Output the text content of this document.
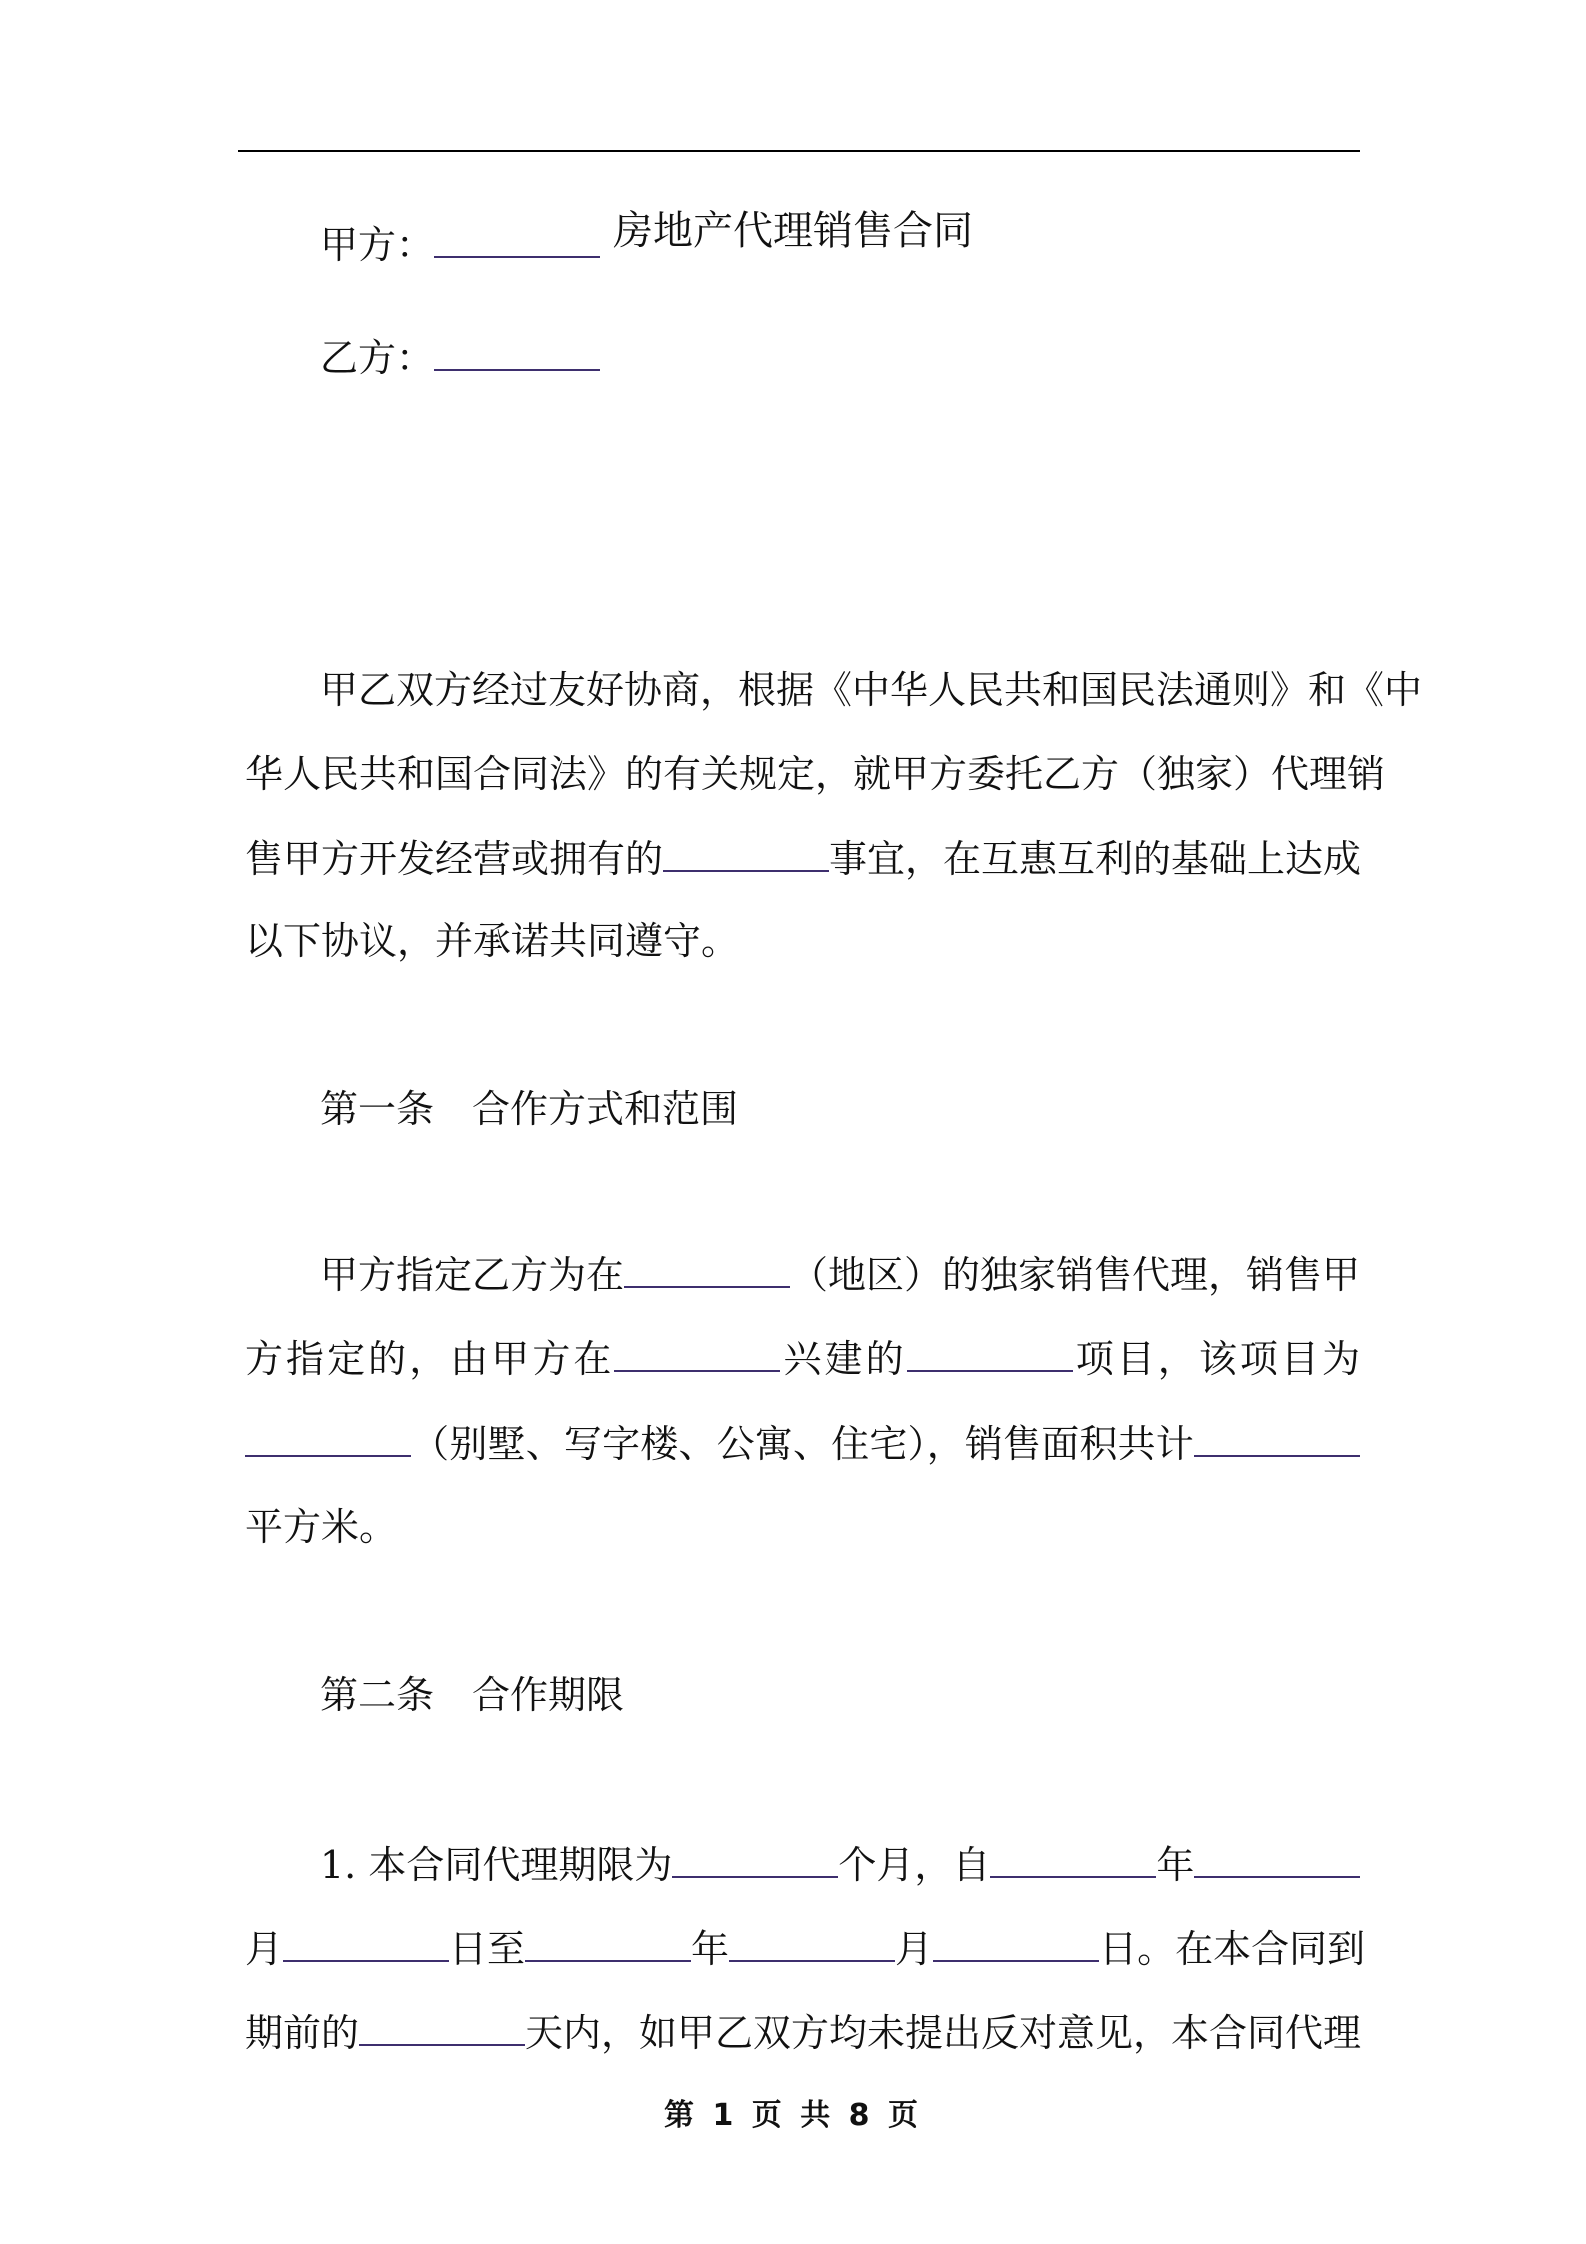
房地产代理销售合同
甲方：
乙方：
甲乙双方经过友好协商，根据《中华人民共和国民法通则》和《中
华人民共和国合同法》的有关规定，就甲方委托乙方（独家）代理销
售甲方开发经营或拥有的	事宜，在互惠互利的基础上达成
以下协议，并承诺共同遵守。
第一条　合作方式和范围
甲方指定乙方为在	（地区）的独家销售代理，销售甲
方指定的，由甲方在	兴建的	项目，该项目为
（别墅、写字楼、公寓、住宅），销售面积共计
平方米。
第二条　合作期限
1. 本合同代理期限为	个月，自	年
月	日至	年	月	日。在本合同到
期前的	天内，如甲乙双方均未提出反对意见，本合同代理
第 1 页 共 8 页
